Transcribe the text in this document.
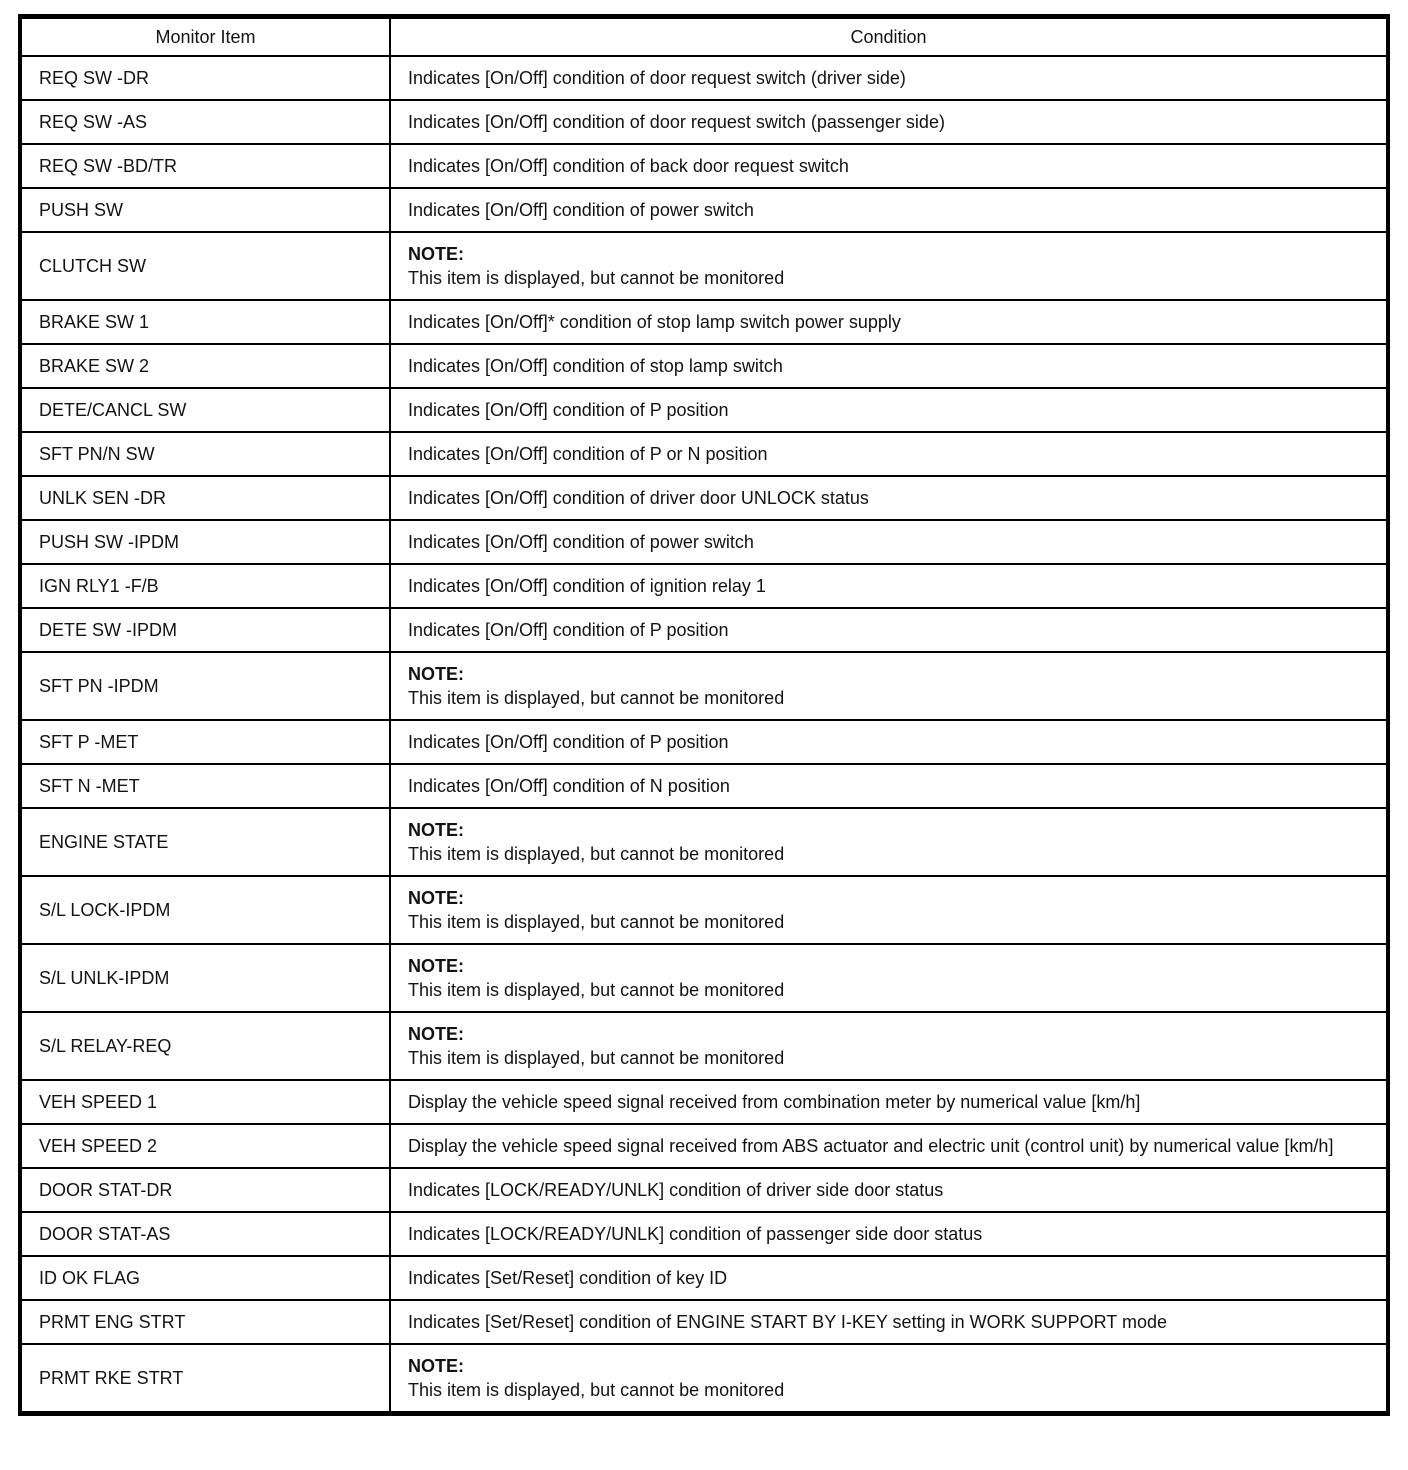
Monitor Item	Condition
REQ SW -DR	Indicates [On/Off] condition of door request switch (driver side)
REQ SW -AS	Indicates [On/Off] condition of door request switch (passenger side)
REQ SW -BD/TR	Indicates [On/Off] condition of back door request switch
PUSH SW	Indicates [On/Off] condition of power switch
CLUTCH SW	NOTE:
This item is displayed, but cannot be monitored

BRAKE SW 1	Indicates [On/Off]* condition of stop lamp switch power supply
BRAKE SW 2	Indicates [On/Off] condition of stop lamp switch
DETE/CANCL SW	Indicates [On/Off] condition of P position
SFT PN/N SW	Indicates [On/Off] condition of P or N position
UNLK SEN -DR	Indicates [On/Off] condition of driver door UNLOCK status
PUSH SW -IPDM	Indicates [On/Off] condition of power switch
IGN RLY1 -F/B	Indicates [On/Off] condition of ignition relay 1
DETE SW -IPDM	Indicates [On/Off] condition of P position
SFT PN -IPDM	NOTE:
This item is displayed, but cannot be monitored

SFT P -MET	Indicates [On/Off] condition of P position
SFT N -MET	Indicates [On/Off] condition of N position
ENGINE STATE	NOTE:
This item is displayed, but cannot be monitored

S/L LOCK-IPDM	NOTE:
This item is displayed, but cannot be monitored

S/L UNLK-IPDM	NOTE:
This item is displayed, but cannot be monitored

S/L RELAY-REQ	NOTE:
This item is displayed, but cannot be monitored

VEH SPEED 1	Display the vehicle speed signal received from combination meter by numerical value [km/h]
VEH SPEED 2	Display the vehicle speed signal received from ABS actuator and electric unit (control unit) by numerical value [km/h]
DOOR STAT-DR	Indicates [LOCK/READY/UNLK] condition of driver side door status
DOOR STAT-AS	Indicates [LOCK/READY/UNLK] condition of passenger side door status
ID OK FLAG	Indicates [Set/Reset] condition of key ID
PRMT ENG STRT	Indicates [Set/Reset] condition of ENGINE START BY I-KEY setting in WORK SUPPORT mode
PRMT RKE STRT	NOTE:
This item is displayed, but cannot be monitored
